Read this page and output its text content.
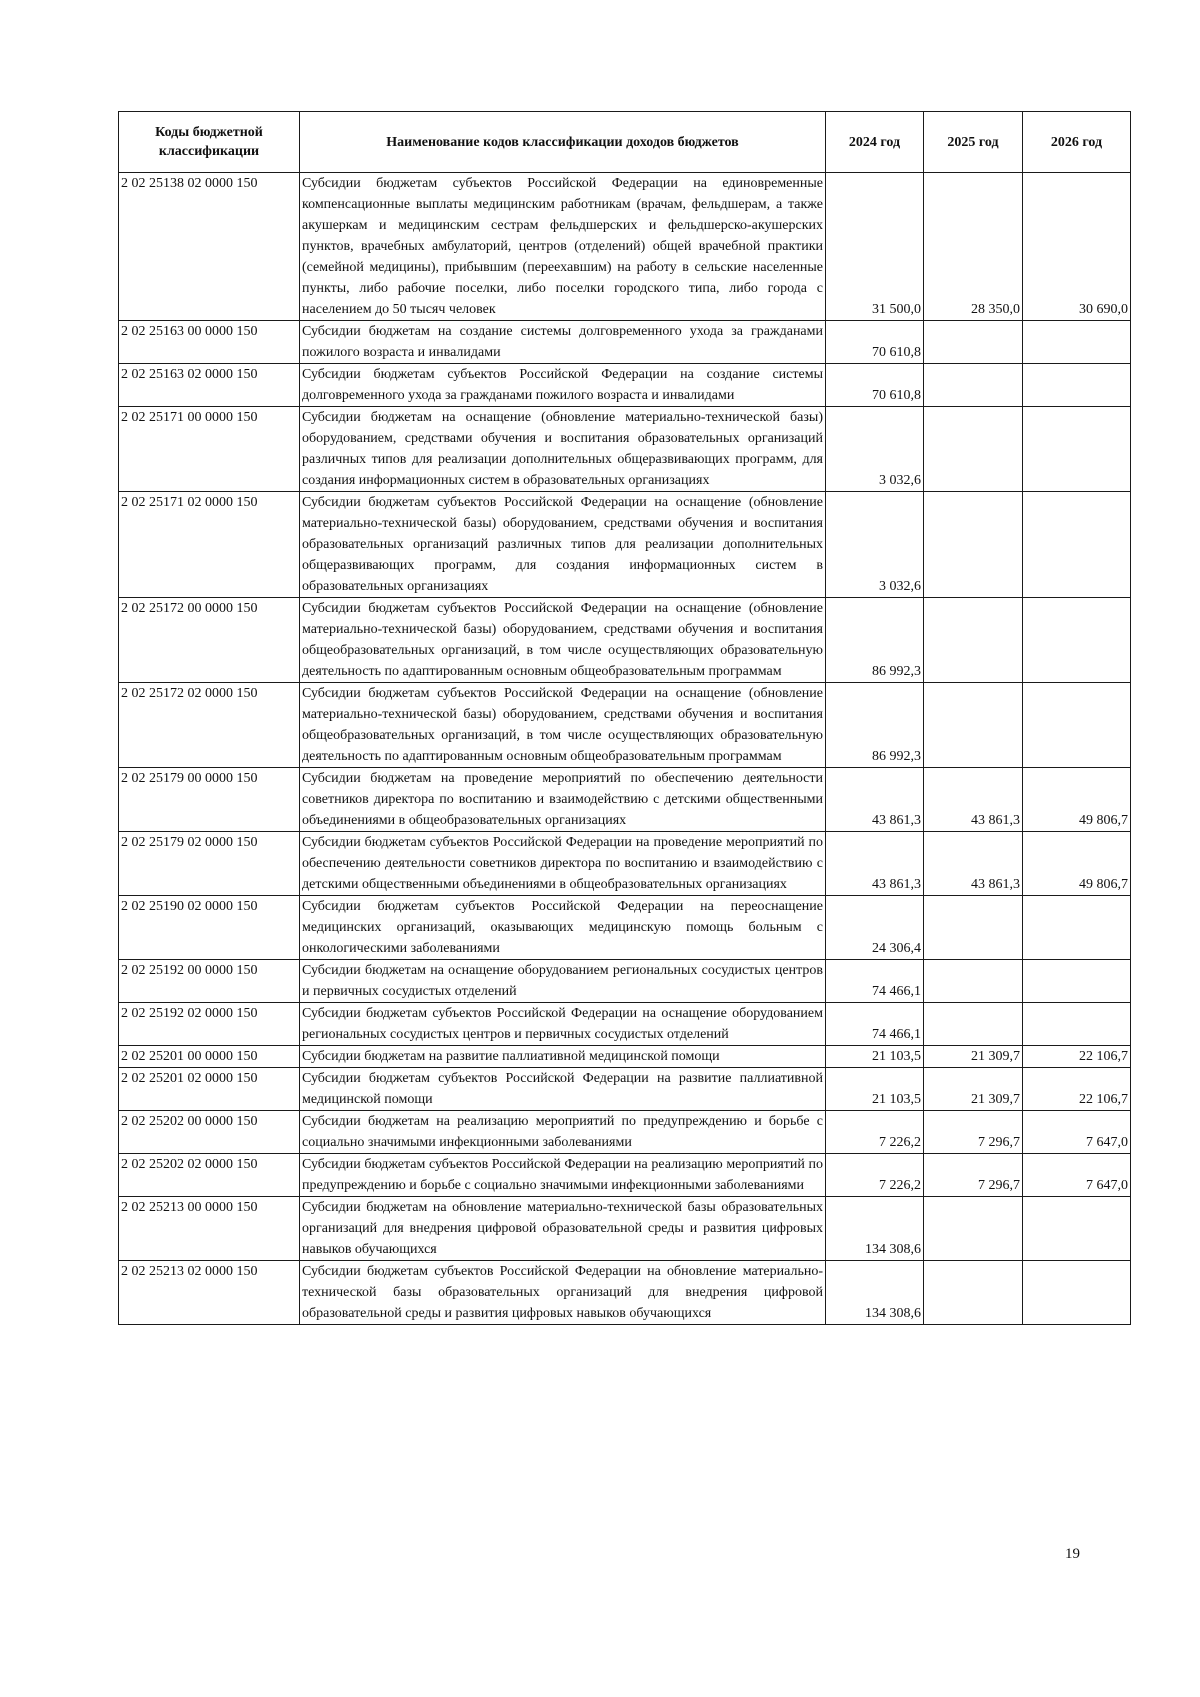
Коды бюджетной классификации	Наименование кодов классификации доходов бюджетов	2024 год	2025 год	2026 год
2 02 25138 02 0000 150	Субсидии бюджетам субъектов Российской Федерации на единовременные компенсационные выплаты медицинским работникам (врачам, фельдшерам, а также акушеркам и медицинским сестрам фельдшерских и фельдшерско-акушерских пунктов, врачебных амбулаторий, центров (отделений) общей врачебной практики (семейной медицины), прибывшим (переехавшим) на работу в сельские населенные пункты, либо рабочие поселки, либо поселки городского типа, либо города с населением до 50 тысяч человек	31 500,0	28 350,0	30 690,0
2 02 25163 00 0000 150	Субсидии бюджетам на создание системы долговременного ухода за гражданами пожилого возраста и инвалидами	70 610,8		
2 02 25163 02 0000 150	Субсидии бюджетам субъектов Российской Федерации на создание системы долговременного ухода за гражданами пожилого возраста и инвалидами	70 610,8		
2 02 25171 00 0000 150	Субсидии бюджетам на оснащение (обновление материально-технической базы) оборудованием, средствами обучения и воспитания образовательных организаций различных типов для реализации дополнительных общеразвивающих программ, для создания информационных систем в образовательных организациях	3 032,6		
2 02 25171 02 0000 150	Субсидии бюджетам субъектов Российской Федерации на оснащение (обновление материально-технической базы) оборудованием, средствами обучения и воспитания образовательных организаций различных типов для реализации дополнительных общеразвивающих программ, для создания информационных систем в образовательных организациях	3 032,6		
2 02 25172 00 0000 150	Субсидии бюджетам субъектов Российской Федерации на оснащение (обновление материально-технической базы) оборудованием, средствами обучения и воспитания общеобразовательных организаций, в том числе осуществляющих образовательную деятельность по адаптированным основным общеобразовательным программам	86 992,3		
2 02 25172 02 0000 150	Субсидии бюджетам субъектов Российской Федерации на оснащение (обновление материально-технической базы) оборудованием, средствами обучения и воспитания общеобразовательных организаций, в том числе осуществляющих образовательную деятельность по адаптированным основным общеобразовательным программам	86 992,3		
2 02 25179 00 0000 150	Субсидии бюджетам на проведение мероприятий по обеспечению деятельности советников директора по воспитанию и взаимодействию с детскими общественными объединениями в общеобразовательных организациях	43 861,3	43 861,3	49 806,7
2 02 25179 02 0000 150	Субсидии бюджетам субъектов Российской Федерации на проведение мероприятий по обеспечению деятельности советников директора по воспитанию и взаимодействию с детскими общественными объединениями в общеобразовательных организациях	43 861,3	43 861,3	49 806,7
2 02 25190 02 0000 150	Субсидии бюджетам субъектов Российской Федерации на переоснащение медицинских организаций, оказывающих медицинскую помощь больным с онкологическими заболеваниями	24 306,4		
2 02 25192 00 0000 150	Субсидии бюджетам на оснащение оборудованием региональных сосудистых центров и первичных сосудистых отделений	74 466,1		
2 02 25192 02 0000 150	Субсидии бюджетам субъектов Российской Федерации на оснащение оборудованием региональных сосудистых центров и первичных сосудистых отделений	74 466,1		
2 02 25201 00 0000 150	Субсидии бюджетам на развитие паллиативной медицинской помощи	21 103,5	21 309,7	22 106,7
2 02 25201 02 0000 150	Субсидии бюджетам субъектов Российской Федерации на развитие паллиативной медицинской помощи	21 103,5	21 309,7	22 106,7
2 02 25202 00 0000 150	Субсидии бюджетам на реализацию мероприятий по предупреждению и борьбе с социально значимыми инфекционными заболеваниями	7 226,2	7 296,7	7 647,0
2 02 25202 02 0000 150	Субсидии бюджетам субъектов Российской Федерации на реализацию мероприятий по предупреждению и борьбе с социально значимыми инфекционными заболеваниями	7 226,2	7 296,7	7 647,0
2 02 25213 00 0000 150	Субсидии бюджетам на обновление материально-технической базы образовательных организаций для внедрения цифровой образовательной среды и развития цифровых навыков обучающихся	134 308,6		
2 02 25213 02 0000 150	Субсидии бюджетам субъектов Российской Федерации на обновление материально-технической базы образовательных организаций для внедрения цифровой образовательной среды и развития цифровых навыков обучающихся	134 308,6		
19
